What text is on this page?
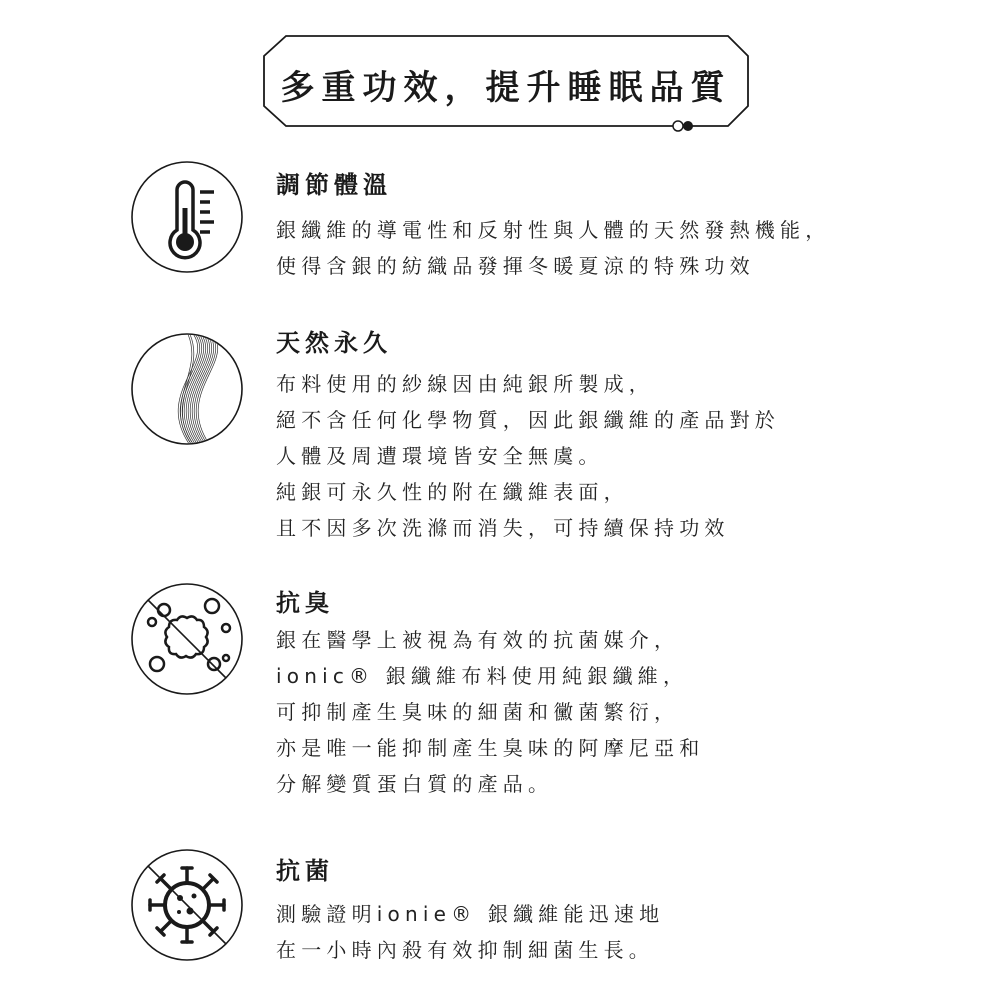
多重功效，提升睡眠品質
調節體溫
銀纖維的導電性和反射性與人體的天然發熱機能，
使得含銀的紡織品發揮冬暖夏涼的特殊功效
天然永久
布料使用的紗線因由純銀所製成，
絕不含任何化學物質，因此銀纖維的產品對於
人體及周遭環境皆安全無虞。
純銀可永久性的附在纖維表面，
且不因多次洗滌而消失，可持續保持功效
抗臭
銀在醫學上被視為有效的抗菌媒介，
ionic® 銀纖維布料使用純銀纖維，
可抑制產生臭味的細菌和黴菌繁衍，
亦是唯一能抑制產生臭味的阿摩尼亞和
分解變質蛋白質的產品。
抗菌
測驗證明ionie® 銀纖維能迅速地
在一小時內殺有效抑制細菌生長。
